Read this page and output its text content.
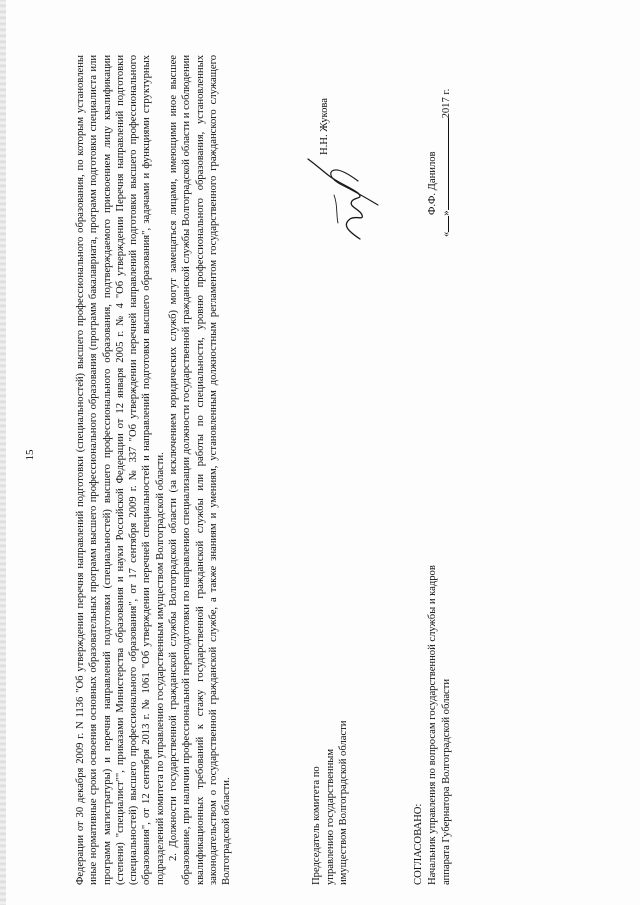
15	Федерации от 30 декабря 2009 г. N 1136 "Об утверждении перечня направлений подготовки (специальностей) высшего профессионального образования, по которым установлены иные нормативные сроки освоения основных образовательных программ высшего профессионального образования (программ бакалавриата, программ подготовки специалиста или программ магистратуры) и перечня направлений подготовки (специальностей) высшего профессионального образования, подтверждаемого присвоением лицу квалификации (степени) "специалист"", приказами Министерства образования и науки Российской Федерации от 12 января 2005 г. № 4 "Об утверждении Перечня направлений подготовки (специальностей) высшего профессионального образования", от 17 сентября 2009 г. № 337 "Об утверждении перечней направлений подготовки высшего профессионального образования", от 12 сентября 2013 г. № 1061 "Об утверждении перечней специальностей и направлений подготовки высшего образования", задачами и функциями структурных подразделений комитета по управлению государственным имуществом Волгоградской области. 2. Должности государственной гражданской службы Волгоградской области (за исключением юридических служб) могут замещаться лицами, имеющими иное высшее образование, при наличии профессиональной переподготовки по направлению специализации должности государственной гражданской службы Волгоградской области и соблюдении квалификационных требований к стажу государственной гражданской службы или работы по специальности, уровню профессионального образования, установленных законодательством о государственной гражданской службе, а также знаниям и умениям, установленным должностным регламентом государственного гражданского служащего Волгоградской области.	Председатель комитета по управлению государственным имуществом Волгоградской области
Н.Н. Жукова
СОГЛАСОВАНО: Начальник управления по вопросам государственной службы и кадров аппарата Губернатора Волгоградской области
Ф.Ф. Данилов
«»2017 г.
